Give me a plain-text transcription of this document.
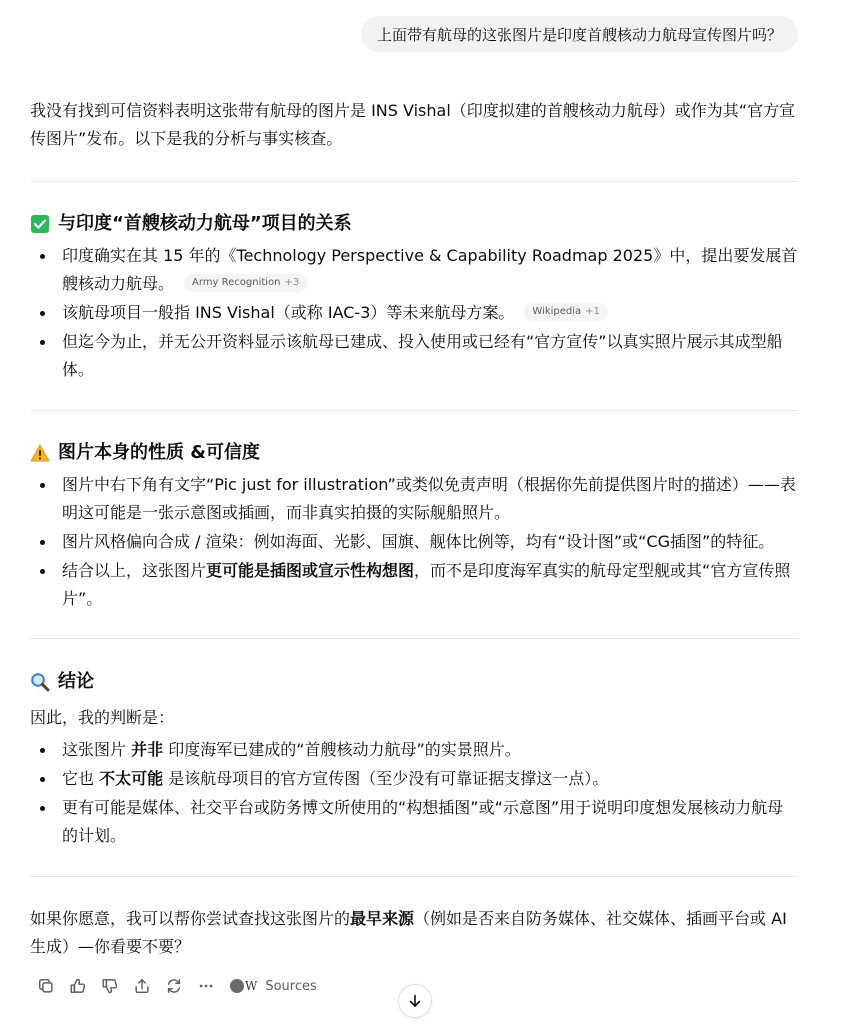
上面带有航母的这张图片是印度首艘核动力航母宣传图片吗？
我没有找到可信资料表明这张带有航母的图片是 INS Vishal（印度拟建的首艘核动力航母）或作为其“官方宣传图片”发布。以下是我的分析与事实核查。
与印度“首艘核动力航母”项目的关系
印度确实在其 15 年的《Technology Perspective & Capability Roadmap 2025》中，提出要发展首艘核动力航母。 Army Recognition +3
该航母项目一般指 INS Vishal（或称 IAC-3）等未来航母方案。 Wikipedia +1
但迄今为止，并无公开资料显示该航母已建成、投入使用或已经有“官方宣传”以真实照片展示其成型船体。
图片本身的性质 &可信度
图片中右下角有文字“Pic just for illustration”或类似免责声明（根据你先前提供图片时的描述）——表明这可能是一张示意图或插画，而非真实拍摄的实际舰船照片。
图片风格偏向合成 / 渲染：例如海面、光影、国旗、舰体比例等，均有“设计图”或“CG插图”的特征。
结合以上，这张图片更可能是插图或宣示性构想图，而不是印度海军真实的航母定型舰或其“官方宣传照片”。
结论
因此，我的判断是：
这张图片 并非 印度海军已建成的“首艘核动力航母”的实景照片。
它也 不太可能 是该航母项目的官方宣传图（至少没有可靠证据支撑这一点）。
更有可能是媒体、社交平台或防务博文所使用的“构想插图”或“示意图”用于说明印度想发展核动力航母的计划。
如果你愿意，我可以帮你尝试查找这张图片的最早来源（例如是否来自防务媒体、社交媒体、插画平台或 AI 生成）—你看要不要？
W Sources
